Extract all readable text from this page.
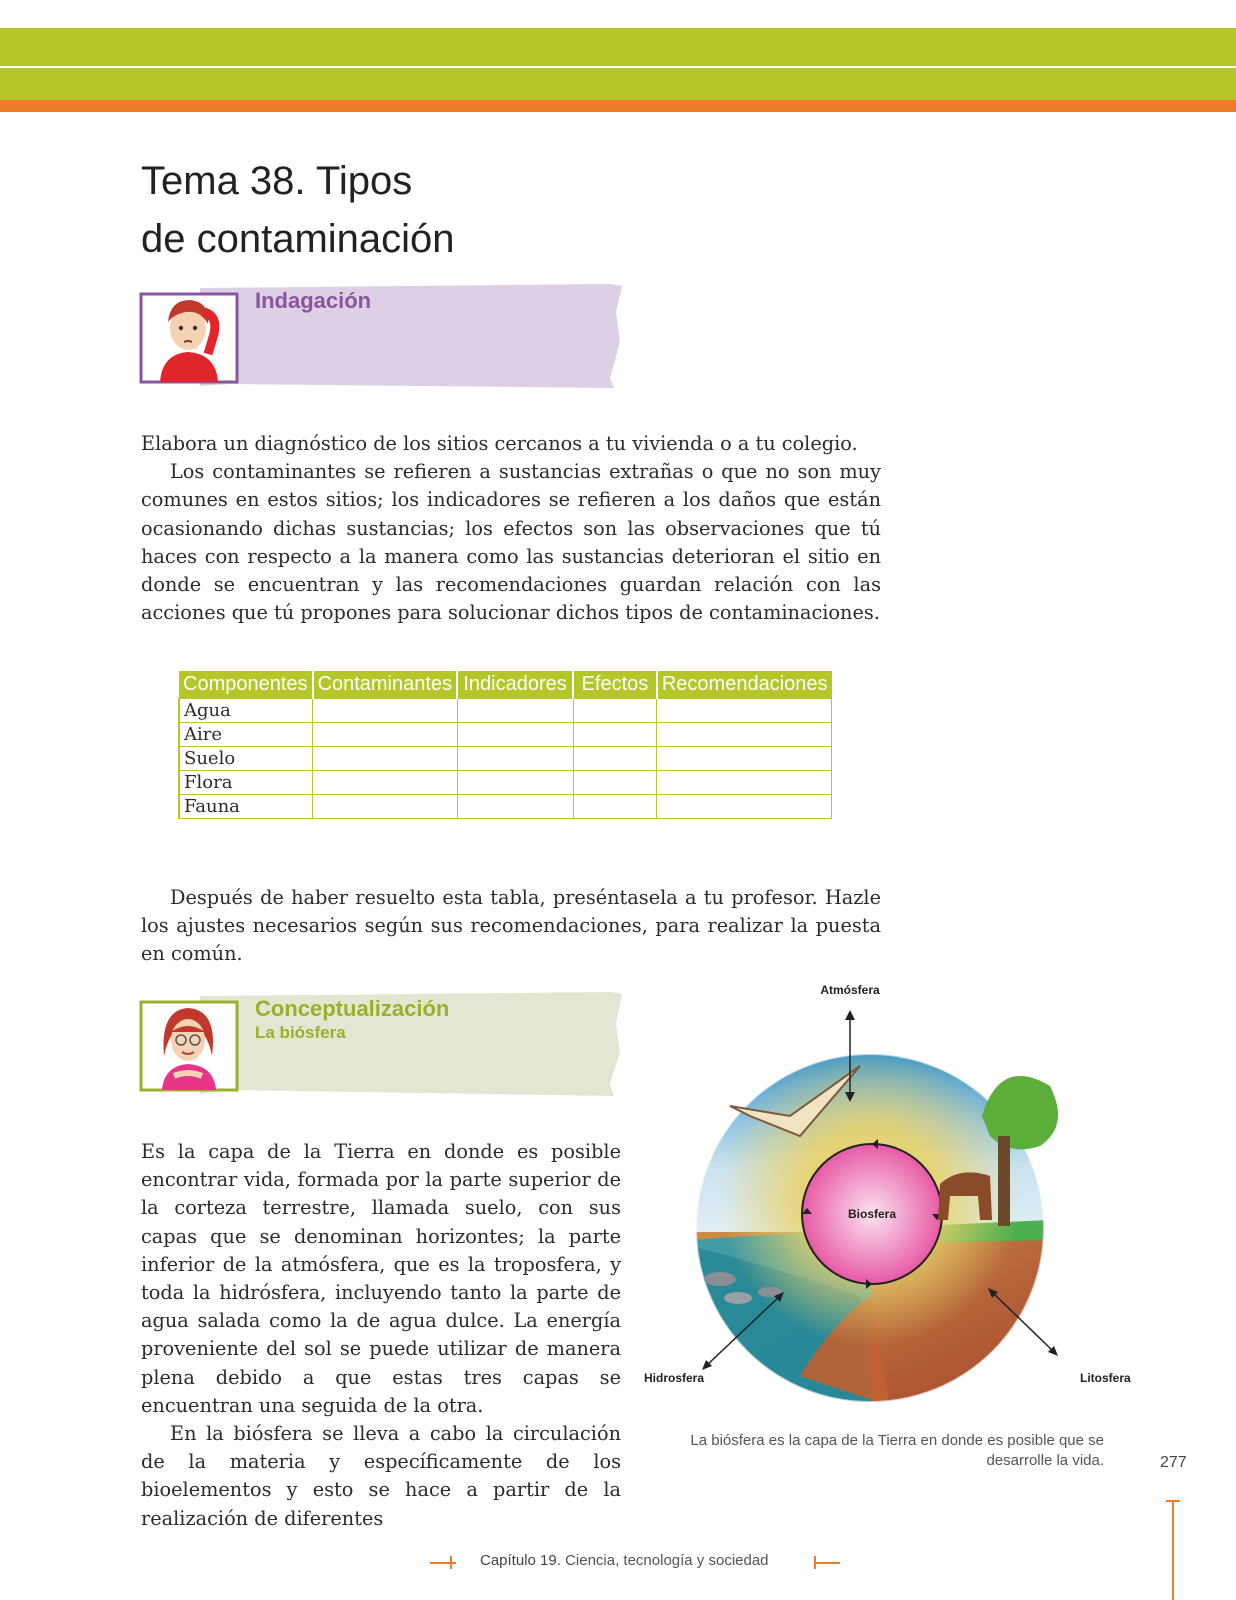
Tema 38. Tipos
de contaminación
Indagación

Elabora un diagnóstico de los sitios cercanos a tu vivienda o a tu colegio.

Los contaminantes se refieren a sustancias extrañas o que no son muy comunes en estos sitios; los indicadores se refieren a los daños que están ocasionando dichas sustancias; los efectos son las observaciones que tú haces con respecto a la manera como las sustancias deterioran el sitio en donde se encuentran y las recomendaciones guardan relación con las acciones que tú propones para solucionar dichos tipos de contaminaciones.

Componentes	Contaminantes	Indicadores	Efectos	Recomendaciones
Agua				
Aire				
Suelo				
Flora				
Fauna				

Después de haber resuelto esta tabla, preséntasela a tu profesor. Hazle los ajustes necesarios según sus recomendaciones, para realizar la puesta en común.

Conceptualización
La biósfera

Es la capa de la Tierra en donde es posible encontrar vida, formada por la parte superior de la corteza terrestre, llamada suelo, con sus capas que se denominan horizontes; la parte inferior de la atmósfera, que es la troposfera, y toda la hidrósfera, incluyendo tanto la parte de agua salada como la de agua dulce. La energía proveniente del sol se puede utilizar de manera plena debido a que estas tres capas se encuentran una seguida de la otra.

En la biósfera se lleva a cabo la circulación de la materia y específicamente de los bioelementos y esto se hace a partir de la realización de diferentes

Atmósfera
Biosfera
Hidrosfera	Litosfera
La biósfera es la capa de la Tierra en donde es posible que se desarrolle la vida.	277
Capítulo 19. Ciencia, tecnología y sociedad
